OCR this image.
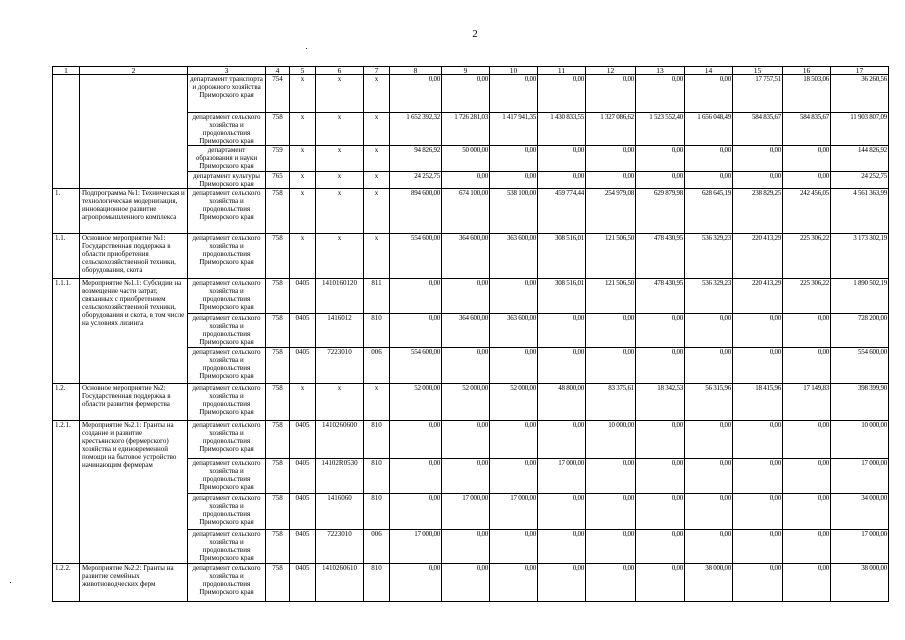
2
1	2	3	4	5	6	7	8	9	10	11	12	13	14	15	16	17
		департамент транспорта и дорожного хозяйства Приморского края	754	x	x	x	0,00	0,00	0,00	0,00	0,00	0,00	0,00	17 757,51	18 503,06	36 260,56
		департамент сельского хозяйства и продовольствия Приморского края	758	x	x	x	1 652 392,32	1 726 281,03	1 417 941,35	1 430 833,55	1 327 086,62	1 523 552,40	1 656 048,49	584 835,67	584 835,67	11 903 807,09
		департамент образования и науки Приморского края	759	x	x	x	94 826,92	50 000,00	0,00	0,00	0,00	0,00	0,00	0,00	0,00	144 826,92
		департамент культуры Приморского края	765	x	x	x	24 252,75	0,00	0,00	0,00	0,00	0,00	0,00	0,00	0,00	24 252,75
1.	Подпрограмма №1: Техническая и технологическая модернизация, инновационное развитие агропромышленного комплекса	департамент сельского хозяйства и продовольствия Приморского края	758	x	x	x	894 600,00	674 100,00	538 100,00	459 774,44	254 979,08	629 879,98	628 645,19	238 829,25	242 456,05	4 561 363,99
1.1.	Основное мероприятие №1: Государственная поддержка в области приобретения сельскохозяйственной техники, оборудования, скота	департамент сельского хозяйства и продовольствия Приморского края	758	x	x	x	554 600,00	364 600,00	363 600,00	308 516,01	121 506,50	478 430,95	536 329,23	220 413,29	225 306,22	3 173 302,19
1.1.1.	Мероприятие №1.1: Субсидии на возмещение части затрат, связанных с приобретением сельскохозяйственной техники, оборудования и скота, в том числе на условиях лизинга	департамент сельского хозяйства и продовольствия Приморского края	758	0405	1410160120	811	0,00	0,00	0,00	308 516,01	121 506,50	478 430,95	536 329,23	220 413,29	225 306,22	1 890 502,19
		департамент сельского хозяйства и продовольствия Приморского края	758	0405	1416012	810	0,00	364 600,00	363 600,00	0,00	0,00	0,00	0,00	0,00	0,00	728 200,00
		департамент сельского хозяйства и продовольствия Приморского края	758	0405	7223010	006	554 600,00	0,00	0,00	0,00	0,00	0,00	0,00	0,00	0,00	554 600,00
1.2.	Основное мероприятие №2: Государственная поддержка в области развития фермерства	департамент сельского хозяйства и продовольствия Приморского края	758	x	x	x	52 000,00	52 000,00	52 000,00	48 800,00	83 375,61	18 342,53	56 315,96	18 415,96	17 149,83	398 399,90
1.2.1.	Мероприятие №2.1: Гранты на создание и развитие крестьянского (фермерского) хозяйства и единовременной помощи на бытовое устройство начинающим фермерам	департамент сельского хозяйства и продовольствия Приморского края	758	0405	1410260600	810	0,00	0,00	0,00	0,00	10 000,00	0,00	0,00	0,00	0,00	10 000,00
		департамент сельского хозяйства и продовольствия Приморского края	758	0405	14102R0530	810	0,00	0,00	0,00	17 000,00	0,00	0,00	0,00	0,00	0,00	17 000,00
		департамент сельского хозяйства и продовольствия Приморского края	758	0405	1416060	810	0,00	17 000,00	17 000,00	0,00	0,00	0,00	0,00	0,00	0,00	34 000,00
		департамент сельского хозяйства и продовольствия Приморского края	758	0405	7223010	006	17 000,00	0,00	0,00	0,00	0,00	0,00	0,00	0,00	0,00	17 000,00
1.2.2.	Мероприятие №2.2: Гранты на развитие семейных животноводческих ферм	департамент сельского хозяйства и продовольствия Приморского края	758	0405	1410260610	810	0,00	0,00	0,00	0,00	0,00	0,00	38 000,00	0,00	0,00	38 000,00
